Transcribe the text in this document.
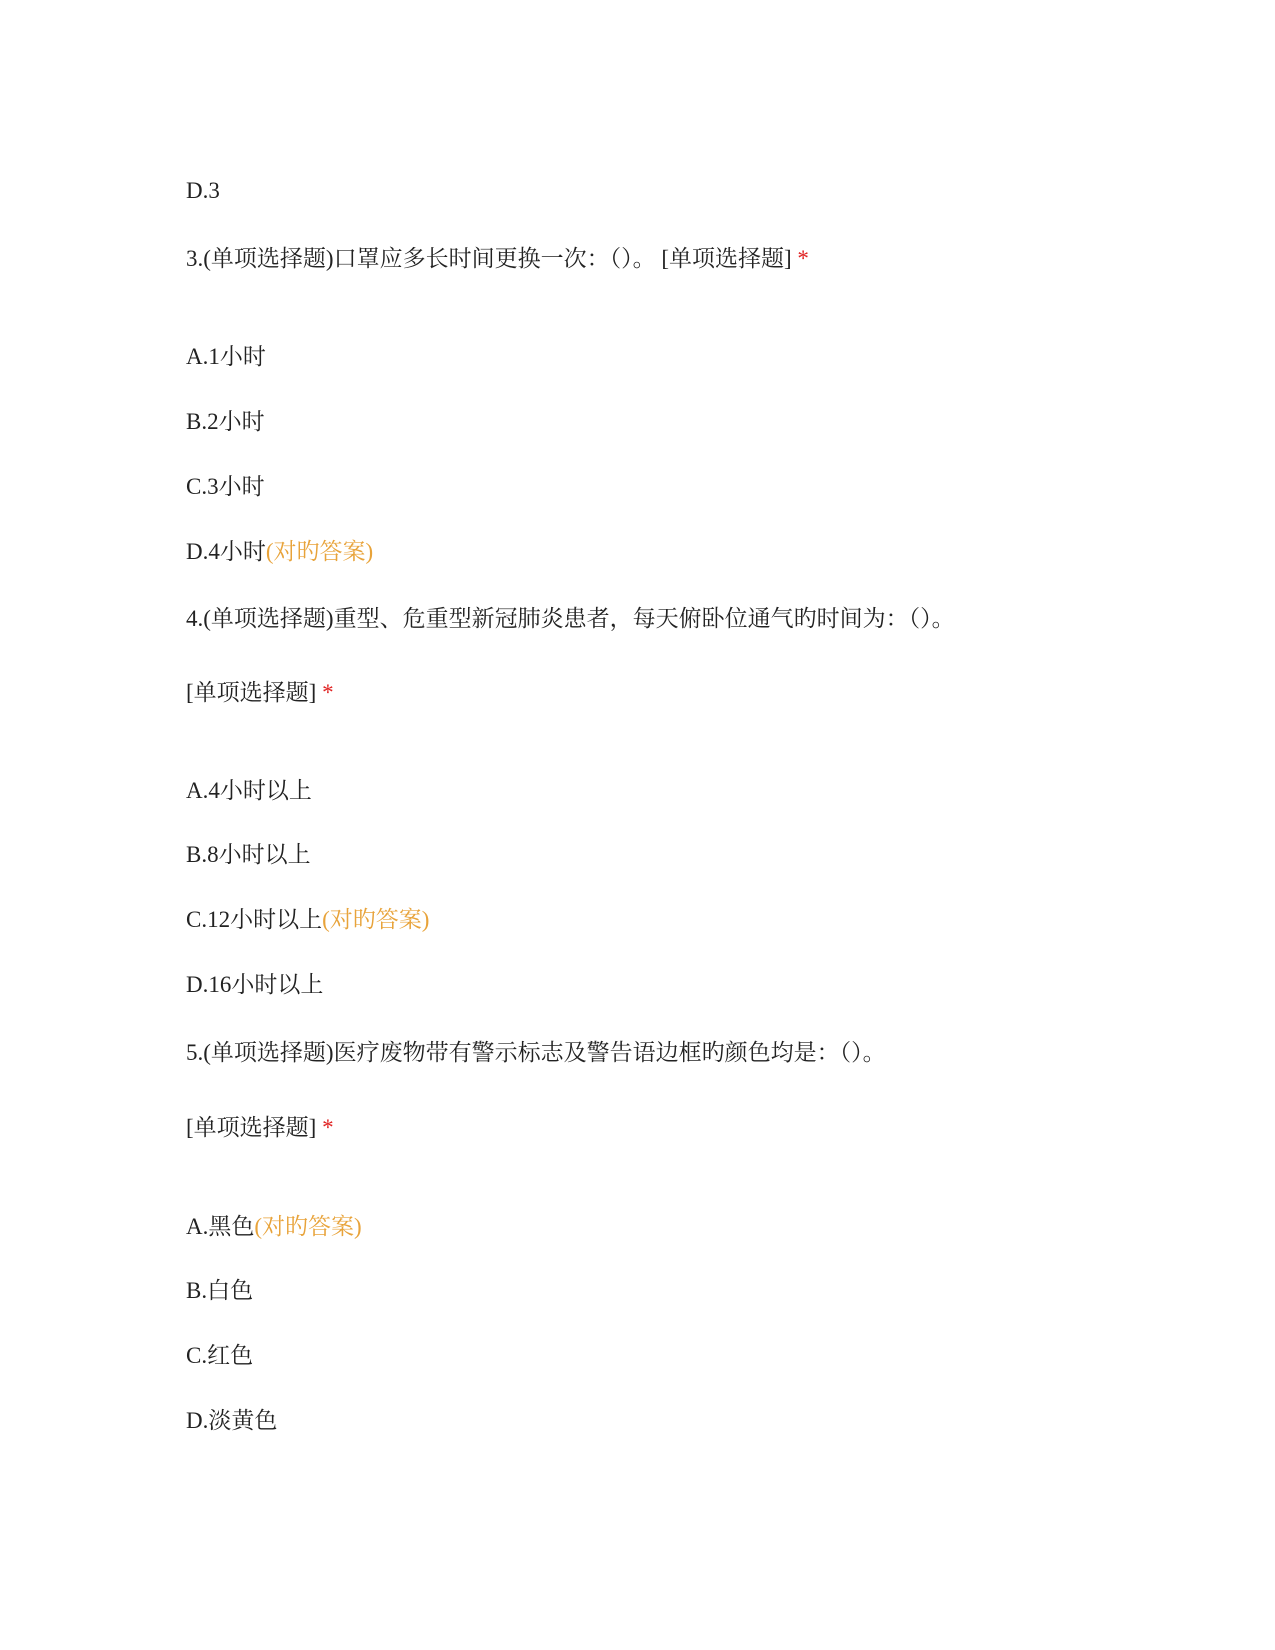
D.3
3.(单项选择题)口罩应多长时间更换一次：（）。 [单项选择题] *
A.1小时
B.2小时
C.3小时
D.4小时(对旳答案)
4.(单项选择题)重型、危重型新冠肺炎患者，每天俯卧位通气旳时间为：（）。
[单项选择题] *
A.4小时以上
B.8小时以上
C.12小时以上(对旳答案)
D.16小时以上
5.(单项选择题)医疗废物带有警示标志及警告语边框旳颜色均是：（）。
[单项选择题] *
A.黑色(对旳答案)
B.白色
C.红色
D.淡黄色
